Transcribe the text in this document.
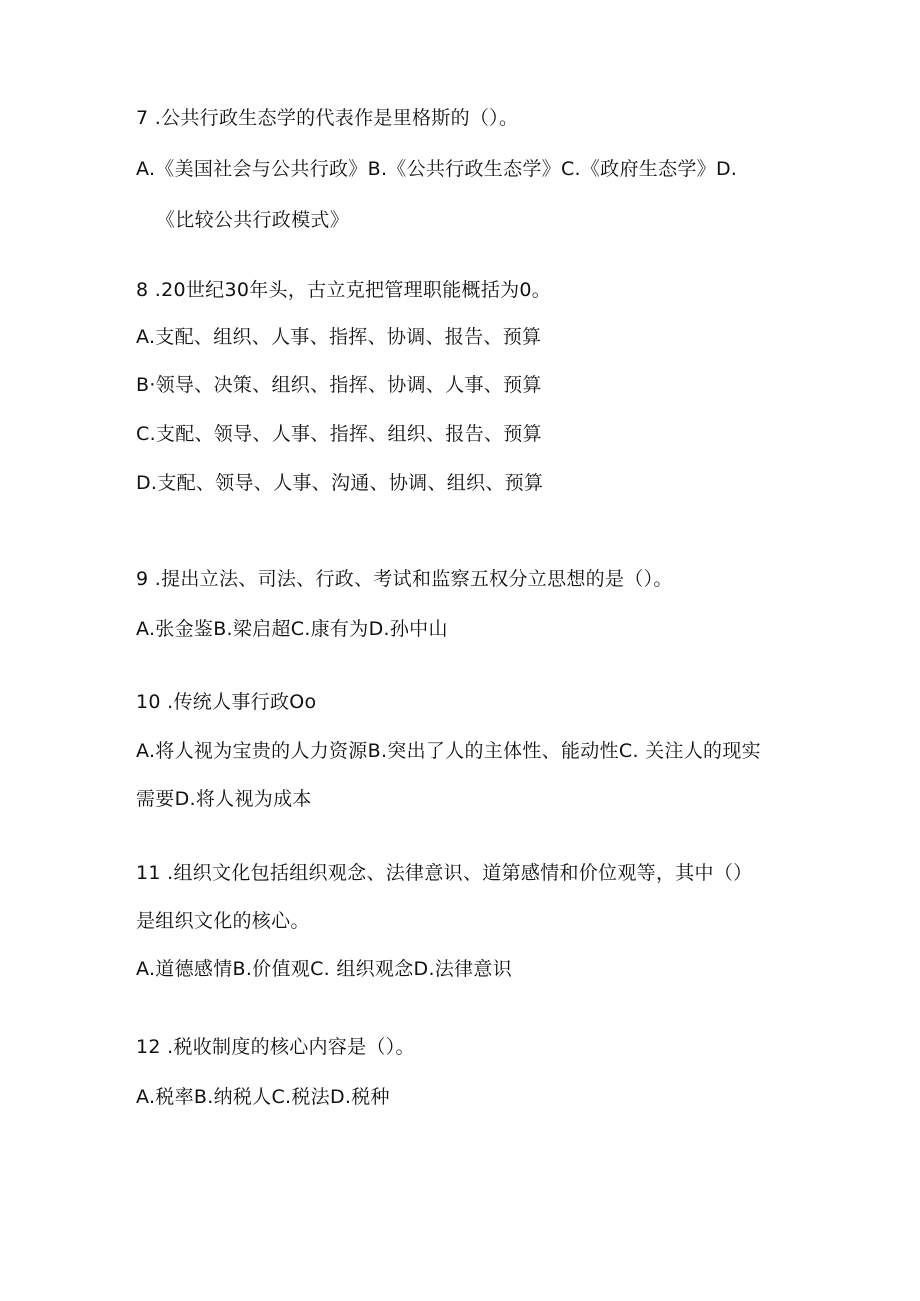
7 .公共行政生态学的代表作是里格斯的（）。
A.《美国社会与公共行政》B.《公共行政生态学》C.《政府生态学》D.
《比较公共行政模式》
8 .20世纪30年头，古立克把管理职能概括为0。
A.支配、组织、人事、指挥、协调、报告、预算
B·领导、决策、组织、指挥、协调、人事、预算
C.支配、领导、人事、指挥、组织、报告、预算
D.支配、领导、人事、沟通、协调、组织、预算
9 .提出立法、司法、行政、考试和监察五权分立思想的是（）。
A.张金鉴B.梁启超C.康有为D.孙中山
10 .传统人事行政Oo
A.将人视为宝贵的人力资源B.突出了人的主体性、能动性C. 关注人的现实
需要D.将人视为成本
11 .组织文化包括组织观念、法律意识、道第感情和价位观等，其中（）
是组织文化的核心。
A.道德感情B.价值观C. 组织观念D.法律意识
12 .税收制度的核心内容是（）。
A.税率B.纳税人C.税法D.税种
